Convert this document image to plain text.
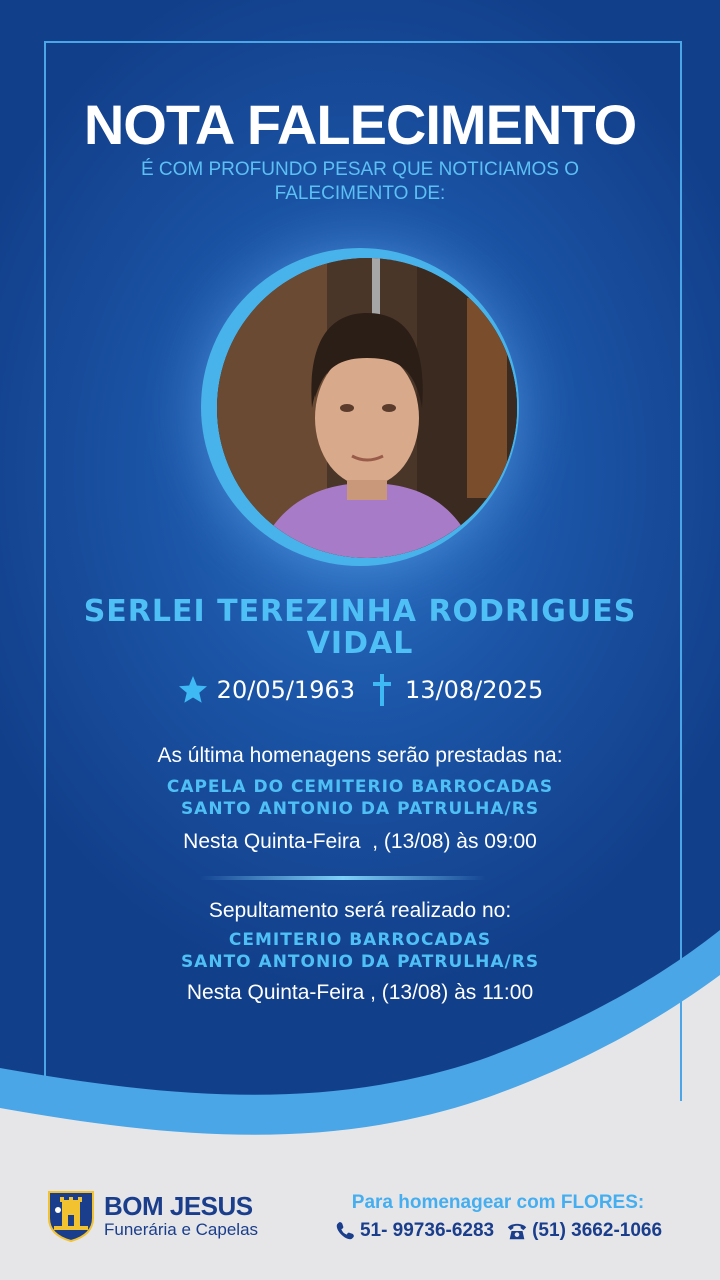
NOTA FALECIMENTO
É COM PROFUNDO PESAR QUE NOTICIAMOS O FALECIMENTO DE:
SERLEI TEREZINHA RODRIGUES
VIDAL
20/05/1963 13/08/2025
As última homenagens serão prestadas na:
CAPELA DO CEMITERIO BARROCADAS
SANTO ANTONIO DA PATRULHA/RS
Nesta Quinta-Feira  , (13/08) às 09:00
Sepultamento será realizado no:
CEMITERIO BARROCADAS
SANTO ANTONIO DA PATRULHA/RS
Nesta Quinta-Feira , (13/08) às 11:00
BOM JESUS
Funerária e Capelas
Para homenagear com FLORES:
51- 99736-6283 (51) 3662-1066
